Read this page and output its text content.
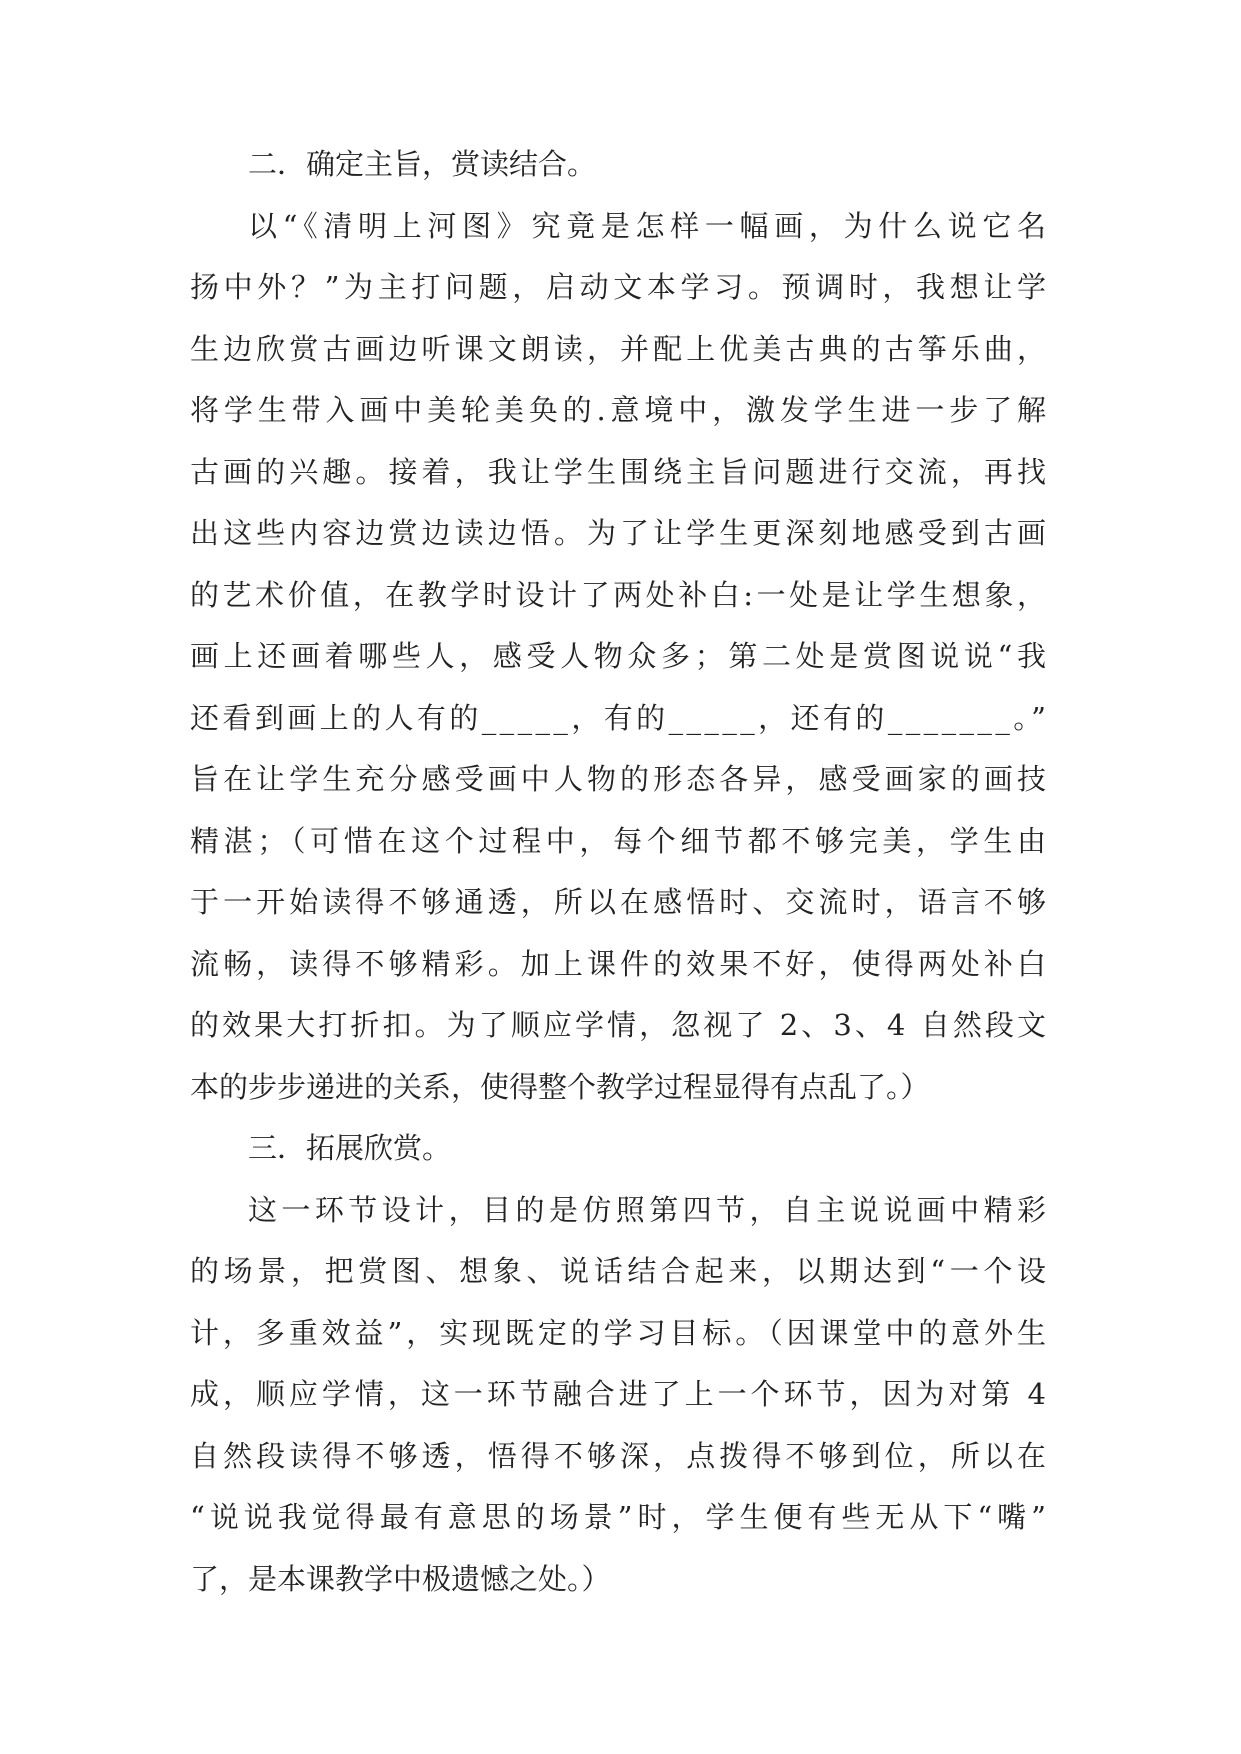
二．确定主旨，赏读结合。
以“《清明上河图》究竟是怎样一幅画，为什么说它名
扬中外？”为主打问题，启动文本学习。预调时，我想让学
生边欣赏古画边听课文朗读，并配上优美古典的古筝乐曲，
将学生带入画中美轮美奂的.意境中，激发学生进一步了解
古画的兴趣。接着，我让学生围绕主旨问题进行交流，再找
出这些内容边赏边读边悟。为了让学生更深刻地感受到古画
的艺术价值，在教学时设计了两处补白:一处是让学生想象，
画上还画着哪些人，感受人物众多；第二处是赏图说说“我
还看到画上的人有的_____，有的_____，还有的_______。”
旨在让学生充分感受画中人物的形态各异，感受画家的画技
精湛；（可惜在这个过程中，每个细节都不够完美，学生由
于一开始读得不够通透，所以在感悟时、交流时，语言不够
流畅，读得不够精彩。加上课件的效果不好，使得两处补白
的效果大打折扣。为了顺应学情，忽视了 2、3、4 自然段文
本的步步递进的关系，使得整个教学过程显得有点乱了。）
三．拓展欣赏。
这一环节设计，目的是仿照第四节，自主说说画中精彩
的场景，把赏图、想象、说话结合起来，以期达到“一个设
计，多重效益”，实现既定的学习目标。（因课堂中的意外生
成，顺应学情，这一环节融合进了上一个环节，因为对第 4
自然段读得不够透，悟得不够深，点拨得不够到位，所以在
“说说我觉得最有意思的场景”时，学生便有些无从下“嘴”
了，是本课教学中极遗憾之处。）
